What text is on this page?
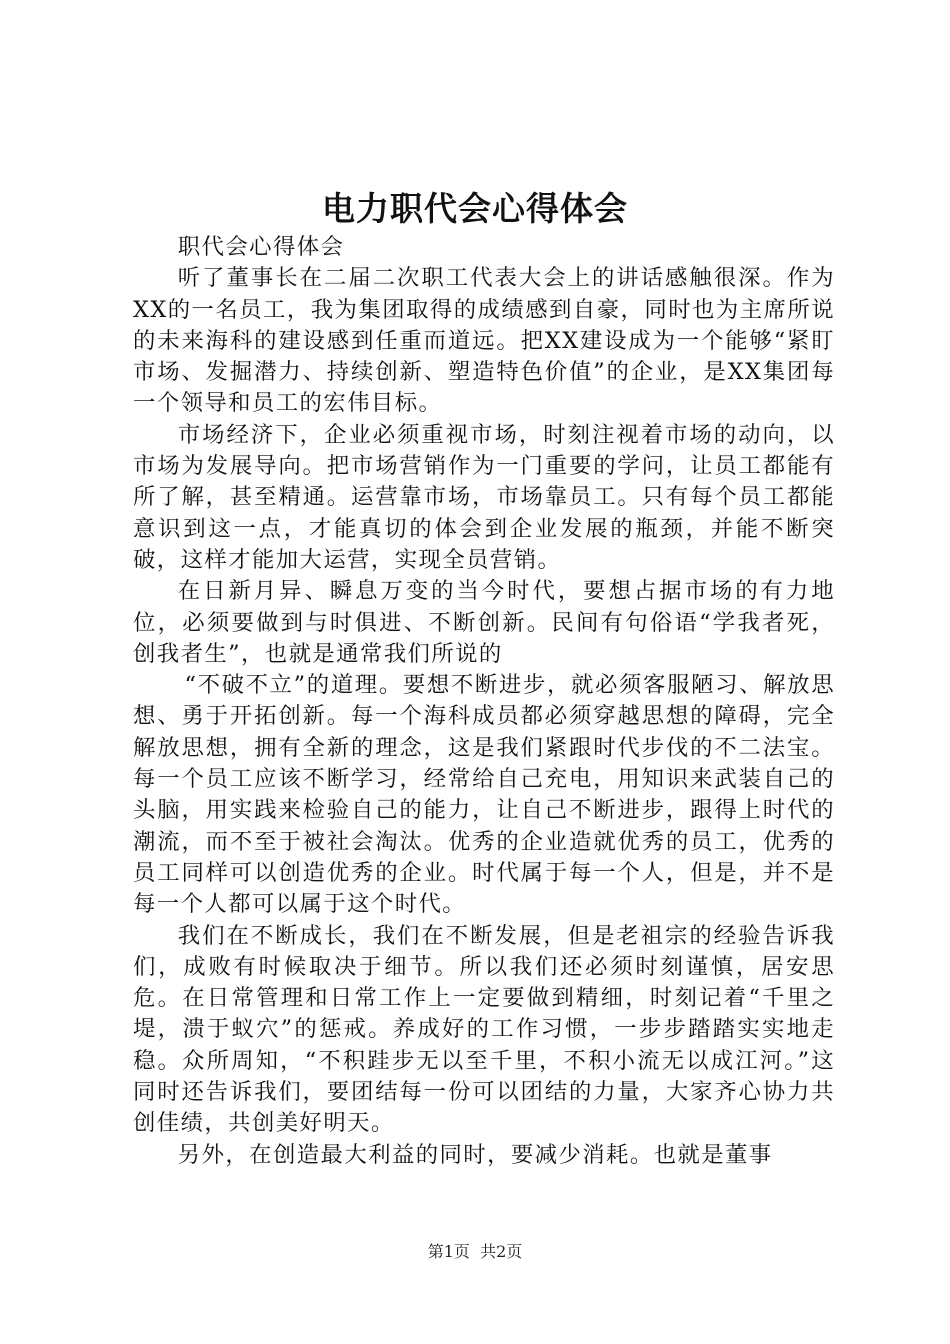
电力职代会心得体会

职代会心得体会

听了董事长在二届二次职工代表大会上的讲话感触很深。作为XX的一名员工，我为集团取得的成绩感到自豪，同时也为主席所说的未来海科的建设感到任重而道远。把XX建设成为一个能够“紧盯市场、发掘潜力、持续创新、塑造特色价值”的企业，是XX集团每一个领导和员工的宏伟目标。

市场经济下，企业必须重视市场，时刻注视着市场的动向，以市场为发展导向。把市场营销作为一门重要的学问，让员工都能有所了解，甚至精通。运营靠市场，市场靠员工。只有每个员工都能意识到这一点，才能真切的体会到企业发展的瓶颈，并能不断突破，这样才能加大运营，实现全员营销。

在日新月异、瞬息万变的当今时代，要想占据市场的有力地位，必须要做到与时俱进、不断创新。民间有句俗语“学我者死，创我者生”，也就是通常我们所说的

“不破不立”的道理。要想不断进步，就必须客服陋习、解放思想、勇于开拓创新。每一个海科成员都必须穿越思想的障碍，完全解放思想，拥有全新的理念，这是我们紧跟时代步伐的不二法宝。每一个员工应该不断学习，经常给自己充电，用知识来武装自己的头脑，用实践来检验自己的能力，让自己不断进步，跟得上时代的潮流，而不至于被社会淘汰。优秀的企业造就优秀的员工，优秀的员工同样可以创造优秀的企业。时代属于每一个人，但是，并不是每一个人都可以属于这个时代。

我们在不断成长，我们在不断发展，但是老祖宗的经验告诉我们，成败有时候取决于细节。所以我们还必须时刻谨慎，居安思危。在日常管理和日常工作上一定要做到精细，时刻记着“千里之堤，溃于蚁穴”的惩戒。养成好的工作习惯，一步步踏踏实实地走稳。众所周知，“不积跬步无以至千里，不积小流无以成江河。”这同时还告诉我们，要团结每一份可以团结的力量，大家齐心协力共创佳绩，共创美好明天。

另外，在创造最大利益的同时，要减少消耗。也就是董事

第1页 共2页
